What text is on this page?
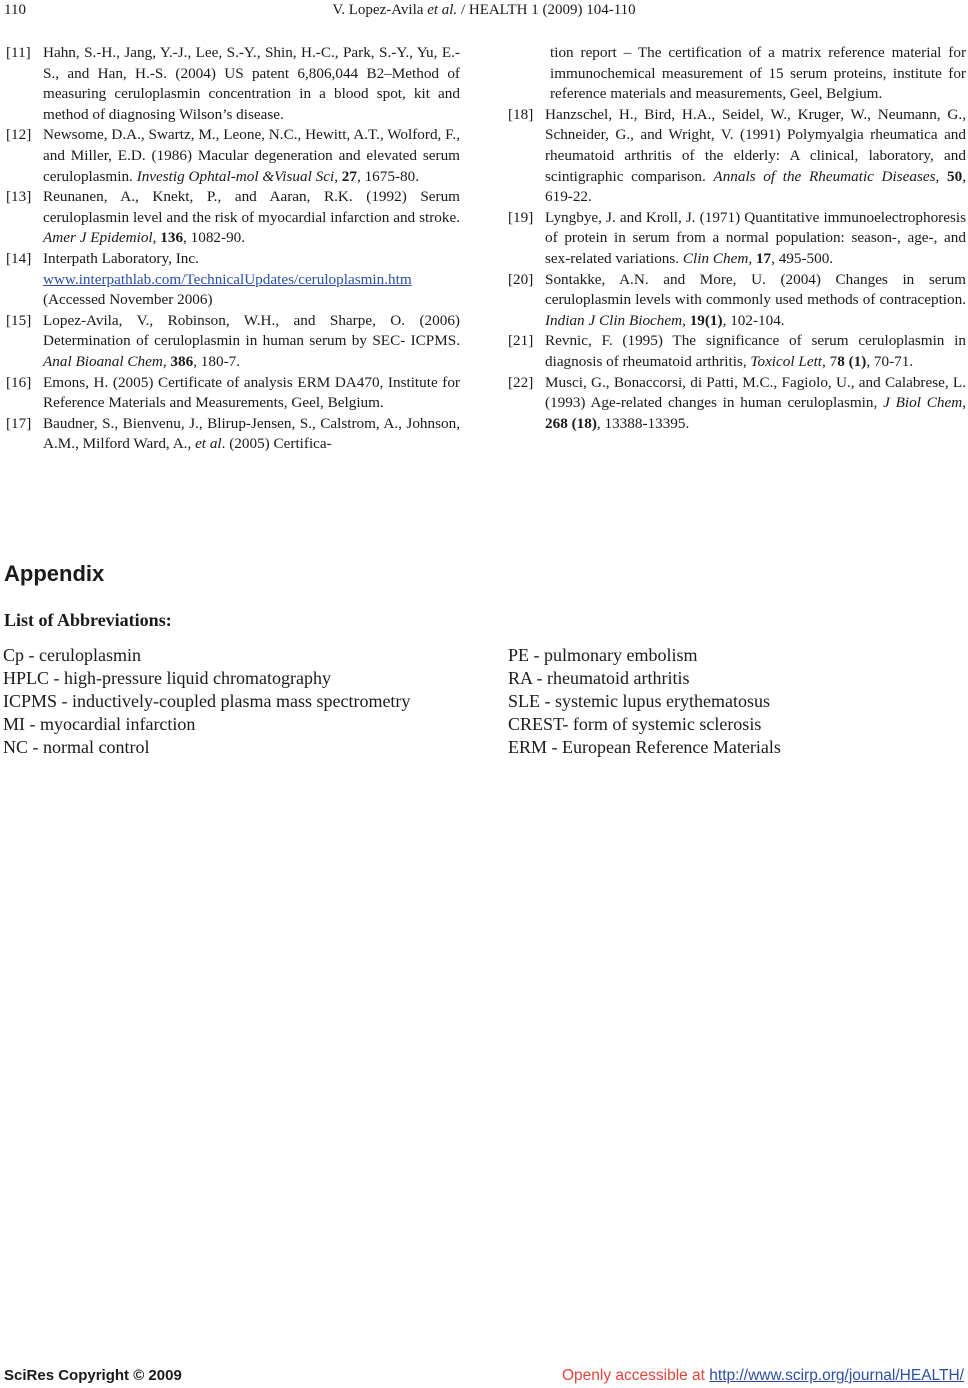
110	V. Lopez-Avila et al. / HEALTH 1 (2009) 104-110
[11] Hahn, S.-H., Jang, Y.-J., Lee, S.-Y., Shin, H.-C., Park, S.-Y., Yu, E.-S., and Han, H.-S. (2004) US patent 6,806,044 B2–Method of measuring ceruloplasmin concentration in a blood spot, kit and method of diagnosing Wilson’s disease.
[12] Newsome, D.A., Swartz, M., Leone, N.C., Hewitt, A.T., Wolford, F., and Miller, E.D. (1986) Macular degeneration and elevated serum ceruloplasmin. Investig Ophtal-mol &Visual Sci, 27, 1675-80.
[13] Reunanen, A., Knekt, P., and Aaran, R.K. (1992) Serum ceruloplasmin level and the risk of myocardial infarction and stroke. Amer J Epidemiol, 136, 1082-90.
[14] Interpath Laboratory, Inc.
www.interpathlab.com/TechnicalUpdates/ceruloplasmin.htm
(Accessed November 2006)
[15] Lopez-Avila, V., Robinson, W.H., and Sharpe, O. (2006) Determination of ceruloplasmin in human serum by SEC- ICPMS. Anal Bioanal Chem, 386, 180-7.
[16] Emons, H. (2005) Certificate of analysis ERM DA470, Institute for Reference Materials and Measurements, Geel, Belgium.
[17] Baudner, S., Bienvenu, J., Blirup-Jensen, S., Calstrom, A., Johnson, A.M., Milford Ward, A., et al. (2005) Certifica-
tion report – The certification of a matrix reference material for immunochemical measurement of 15 serum proteins, institute for reference materials and measurements, Geel, Belgium.
[18] Hanzschel, H., Bird, H.A., Seidel, W., Kruger, W., Neumann, G., Schneider, G., and Wright, V. (1991) Polymyalgia rheumatica and rheumatoid arthritis of the elderly: A clinical, laboratory, and scintigraphic comparison. Annals of the Rheumatic Diseases, 50, 619-22.
[19] Lyngbye, J. and Kroll, J. (1971) Quantitative immunoelectrophoresis of protein in serum from a normal population: season-, age-, and sex-related variations. Clin Chem, 17, 495-500.
[20] Sontakke, A.N. and More, U. (2004) Changes in serum ceruloplasmin levels with commonly used methods of contraception. Indian J Clin Biochem, 19(1), 102-104.
[21] Revnic, F. (1995) The significance of serum ceruloplasmin in diagnosis of rheumatoid arthritis, Toxicol Lett, 78 (1), 70-71.
[22] Musci, G., Bonaccorsi, di Patti, M.C., Fagiolo, U., and Calabrese, L. (1993) Age-related changes in human ceruloplasmin, J Biol Chem, 268 (18), 13388-13395.
Appendix
List of Abbreviations:
Cp - ceruloplasmin
HPLC - high-pressure liquid chromatography
ICPMS - inductively-coupled plasma mass spectrometry
MI - myocardial infarction
NC - normal control
PE - pulmonary embolism
RA - rheumatoid arthritis
SLE - systemic lupus erythematosus
CREST- form of systemic sclerosis
ERM - European Reference Materials
SciRes Copyright © 2009	Openly accessible at http://www.scirp.org/journal/HEALTH/
